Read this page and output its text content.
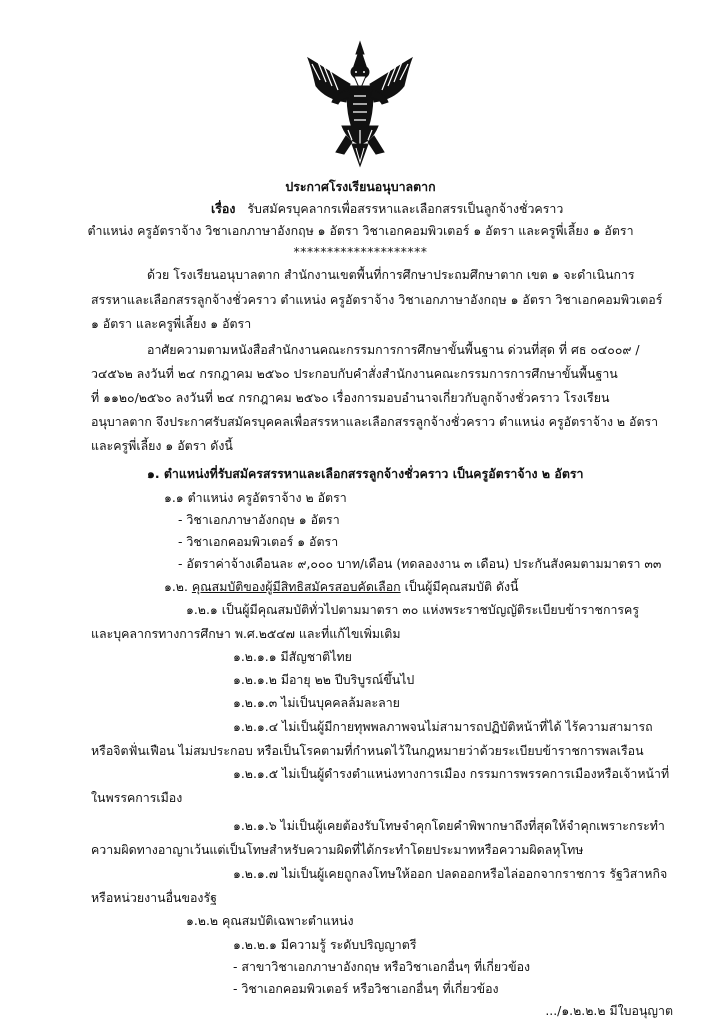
ประกาศโรงเรียนอนุบาลตาก
เรื่อง รับสมัครบุคลากรเพื่อสรรหาและเลือกสรรเป็นลูกจ้างชั่วคราว
ตำแหน่ง ครูอัตราจ้าง วิชาเอกภาษาอังกฤษ ๑ อัตรา วิชาเอกคอมพิวเตอร์ ๑ อัตรา และครูพี่เลี้ยง ๑ อัตรา
********************
ด้วย โรงเรียนอนุบาลตาก สำนักงานเขตพื้นที่การศึกษาประถมศึกษาตาก เขต ๑ จะดำเนินการ
สรรหาและเลือกสรรลูกจ้างชั่วคราว ตำแหน่ง ครูอัตราจ้าง วิชาเอกภาษาอังกฤษ ๑ อัตรา วิชาเอกคอมพิวเตอร์
๑ อัตรา และครูพี่เลี้ยง ๑ อัตรา
อาศัยความตามหนังสือสำนักงานคณะกรรมการการศึกษาขั้นพื้นฐาน ด่วนที่สุด ที่ ศธ ๐๔๐๐๙ /
ว๔๕๖๒ ลงวันที่ ๒๔ กรกฎาคม ๒๕๖๐ ประกอบกับคำสั่งสำนักงานคณะกรรมการการศึกษาขั้นพื้นฐาน
ที่ ๑๑๒๐/๒๕๖๐ ลงวันที่ ๒๔ กรกฎาคม ๒๕๖๐ เรื่องการมอบอำนาจเกี่ยวกับลูกจ้างชั่วคราว โรงเรียน
อนุบาลตาก จึงประกาศรับสมัครบุคคลเพื่อสรรหาและเลือกสรรลูกจ้างชั่วคราว ตำแหน่ง ครูอัตราจ้าง ๒ อัตรา
และครูพี่เลี้ยง ๑ อัตรา ดังนี้
๑. ตำแหน่งที่รับสมัครสรรหาและเลือกสรรลูกจ้างชั่วคราว เป็นครูอัตราจ้าง ๒ อัตรา
๑.๑ ตำแหน่ง ครูอัตราจ้าง ๒ อัตรา
- วิชาเอกภาษาอังกฤษ ๑ อัตรา
- วิชาเอกคอมพิวเตอร์ ๑ อัตรา
- อัตราค่าจ้างเดือนละ ๙,๐๐๐ บาท/เดือน (ทดลองงาน ๓ เดือน) ประกันสังคมตามมาตรา ๓๓
๑.๒. คุณสมบัติของผู้มีสิทธิสมัครสอบคัดเลือก เป็นผู้มีคุณสมบัติ ดังนี้
๑.๒.๑ เป็นผู้มีคุณสมบัติทั่วไปตามมาตรา ๓๐ แห่งพระราชบัญญัติระเบียบข้าราชการครู
และบุคลากรทางการศึกษา พ.ศ.๒๕๔๗ และที่แก้ไขเพิ่มเติม
๑.๒.๑.๑ มีสัญชาติไทย
๑.๒.๑.๒ มีอายุ ๒๒ ปีบริบูรณ์ขึ้นไป
๑.๒.๑.๓ ไม่เป็นบุคคลล้มละลาย
๑.๒.๑.๔ ไม่เป็นผู้มีกายทุพพลภาพจนไม่สามารถปฏิบัติหน้าที่ได้ ไร้ความสามารถ
หรือจิตฟั่นเฟือน ไม่สมประกอบ หรือเป็นโรคตามที่กำหนดไว้ในกฎหมายว่าด้วยระเบียบข้าราชการพลเรือน
๑.๒.๑.๕ ไม่เป็นผู้ดำรงตำแหน่งทางการเมือง กรรมการพรรคการเมืองหรือเจ้าหน้าที่
ในพรรคการเมือง
๑.๒.๑.๖ ไม่เป็นผู้เคยต้องรับโทษจำคุกโดยคำพิพากษาถึงที่สุดให้จำคุกเพราะกระทำ
ความผิดทางอาญาเว้นแต่เป็นโทษสำหรับความผิดที่ได้กระทำโดยประมาทหรือความผิดลหุโทษ
๑.๒.๑.๗ ไม่เป็นผู้เคยถูกลงโทษให้ออก ปลดออกหรือไล่ออกจากราชการ รัฐวิสาหกิจ
หรือหน่วยงานอื่นของรัฐ
๑.๒.๒ คุณสมบัติเฉพาะตำแหน่ง
๑.๒.๒.๑ มีความรู้ ระดับปริญญาตรี
- สาขาวิชาเอกภาษาอังกฤษ หรือวิชาเอกอื่นๆ ที่เกี่ยวข้อง
- วิชาเอกคอมพิวเตอร์ หรือวิชาเอกอื่นๆ ที่เกี่ยวข้อง
.../๑.๒.๒.๒ มีใบอนุญาต
